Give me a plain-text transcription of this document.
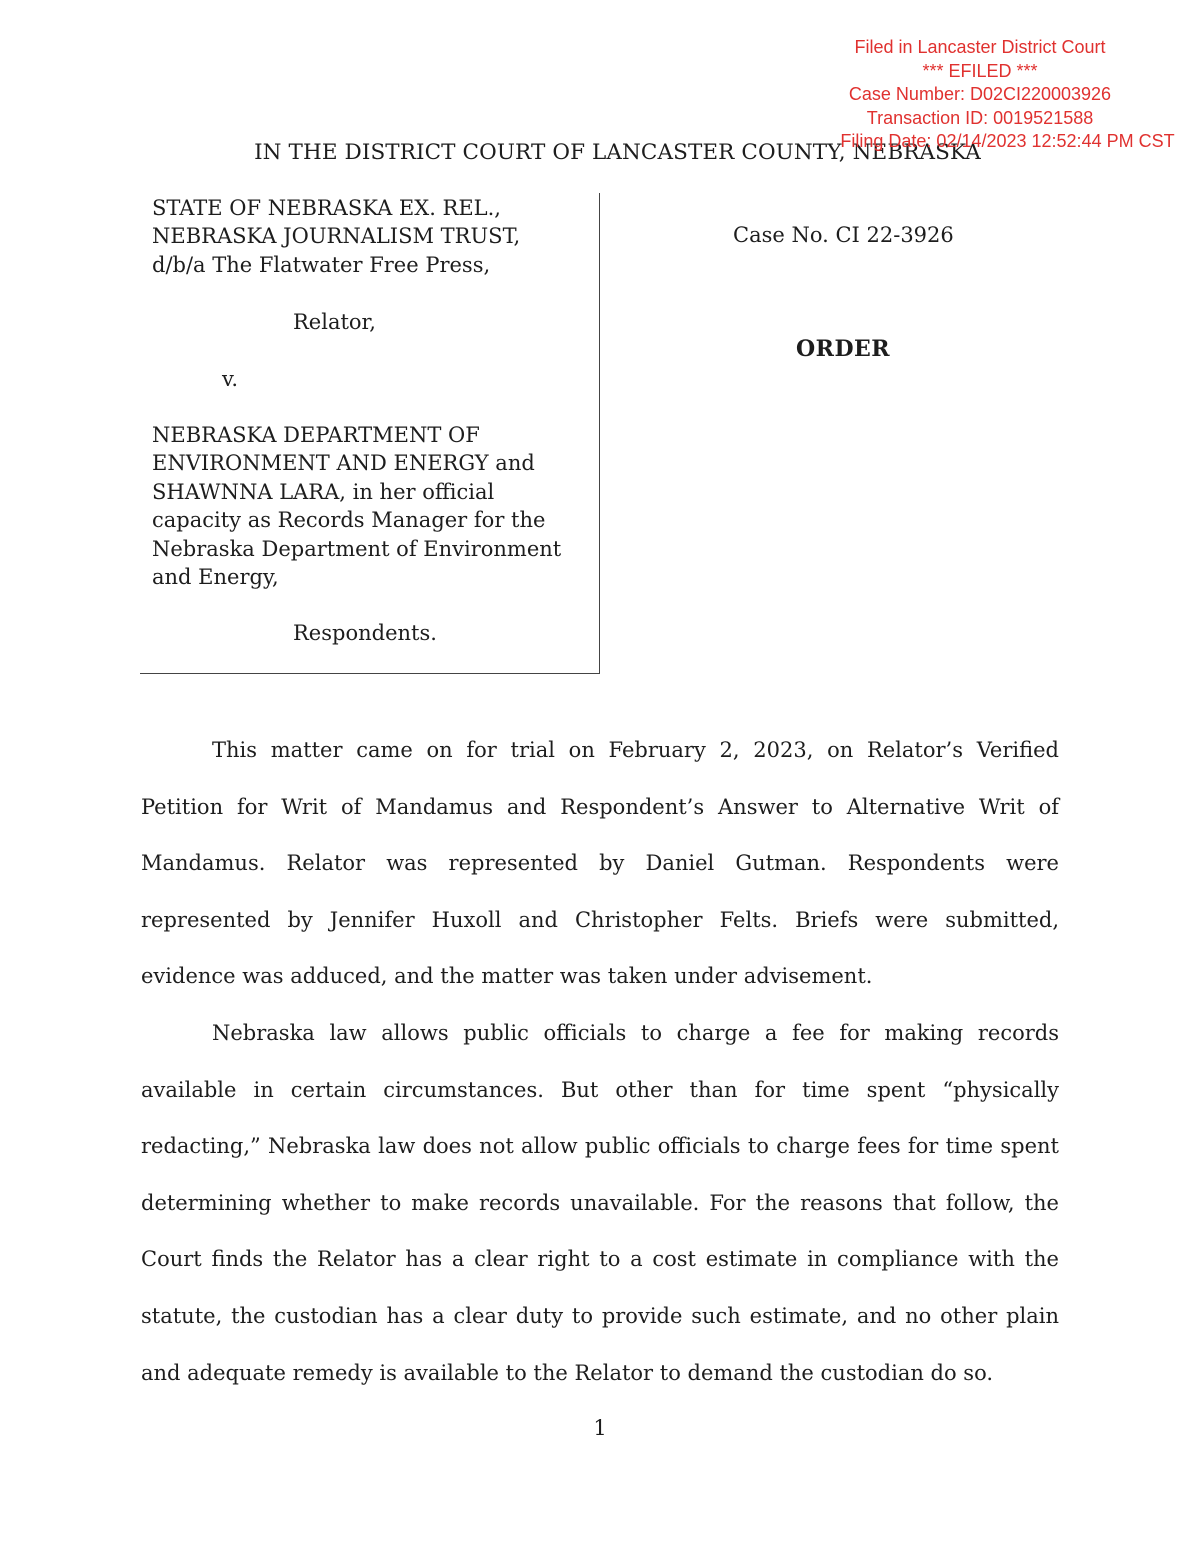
Filed in Lancaster District Court
*** EFILED ***
Case Number: D02CI220003926
Transaction ID: 0019521588
Filing Date: 02/14/2023 12:52:44 PM CST
IN THE DISTRICT COURT OF LANCASTER COUNTY, NEBRASKA
STATE OF NEBRASKA EX. REL.,
NEBRASKA JOURNALISM TRUST,
d/b/a The Flatwater Free Press,
Relator,
v.
NEBRASKA DEPARTMENT OF
ENVIRONMENT AND ENERGY and
SHAWNNA LARA, in her official
capacity as Records Manager for the
Nebraska Department of Environment
and Energy,
Respondents.
Case No. CI 22-3926
ORDER

This matter came on for trial on February 2, 2023, on Relator’s Verified Petition for Writ of Mandamus and Respondent’s Answer to Alternative Writ of Mandamus. Relator was represented by Daniel Gutman. Respondents were represented by Jennifer Huxoll and Christopher Felts. Briefs were submitted, evidence was adduced, and the matter was taken under advisement.

Nebraska law allows public officials to charge a fee for making records available in certain circumstances. But other than for time spent “physically redacting,” Nebraska law does not allow public officials to charge fees for time spent determining whether to make records unavailable. For the reasons that follow, the Court finds the Relator has a clear right to a cost estimate in compliance with the statute, the custodian has a clear duty to provide such estimate, and no other plain and adequate remedy is available to the Relator to demand the custodian do so.

1
